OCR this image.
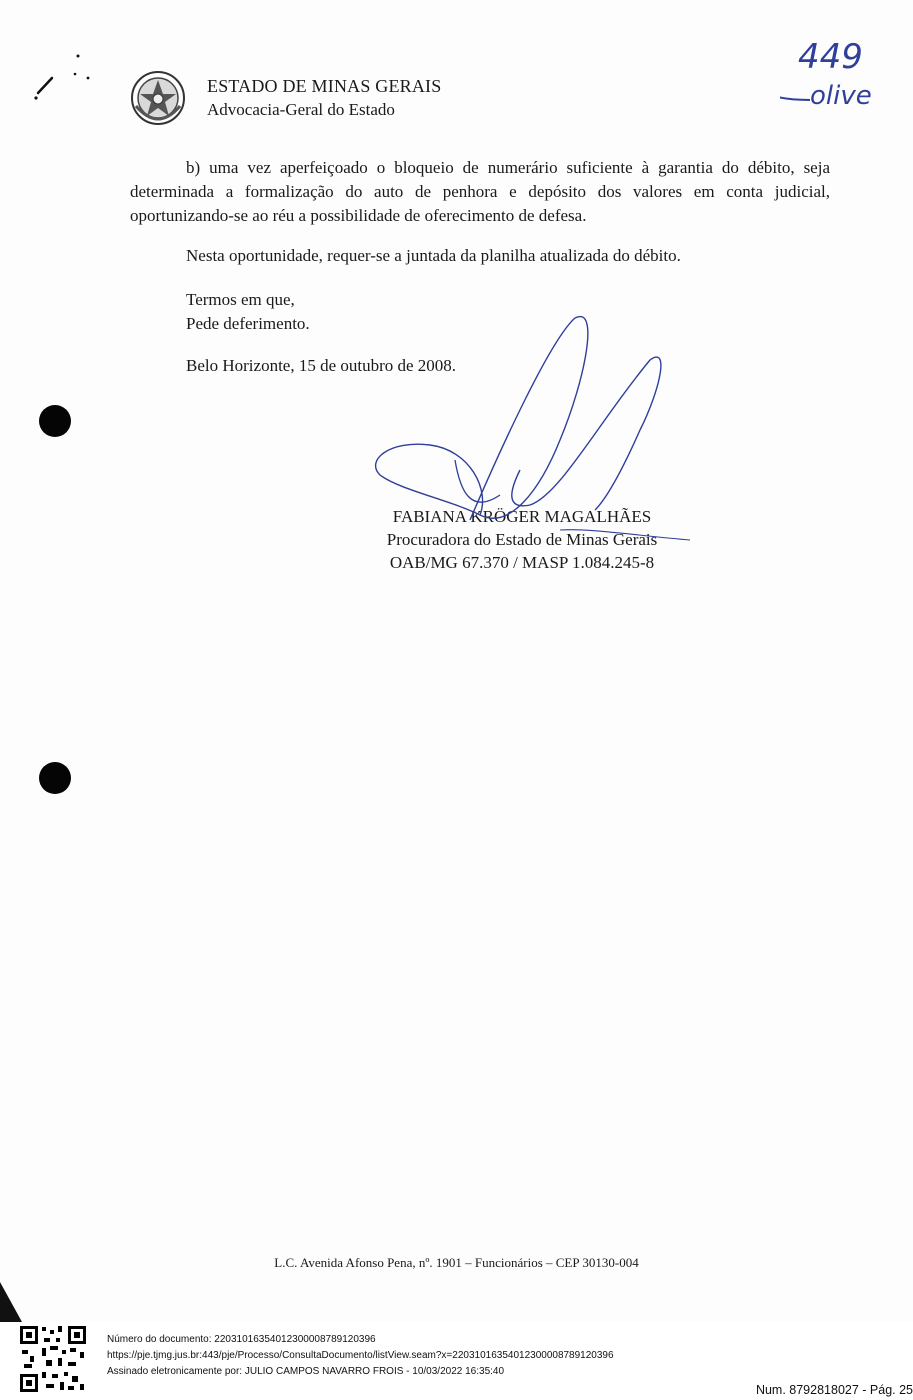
ESTADO DE MINAS GERAIS
Advocacia-Geral do Estado
449
olive
b) uma vez aperfeiçoado o bloqueio de numerário suficiente à garantia do débito, seja determinada a formalização do auto de penhora e depósito dos valores em conta judicial, oportunizando-se ao réu a possibilidade de oferecimento de defesa.
Nesta oportunidade, requer-se a juntada da planilha atualizada do débito.
Termos em que,
Pede deferimento.
Belo Horizonte, 15 de outubro de 2008.
FABIANA KRÖGER MAGALHÃES
Procuradora do Estado de Minas Gerais
OAB/MG 67.370 / MASP 1.084.245-8
L.C. Avenida Afonso Pena, nº. 1901 – Funcionários – CEP 30130-004
Número do documento: 22031016354012300008789120396
https://pje.tjmg.jus.br:443/pje/Processo/ConsultaDocumento/listView.seam?x=22031016354012300008789120396
Assinado eletronicamente por: JULIO CAMPOS NAVARRO FROIS - 10/03/2022 16:35:40
Num. 8792818027 - Pág. 25
